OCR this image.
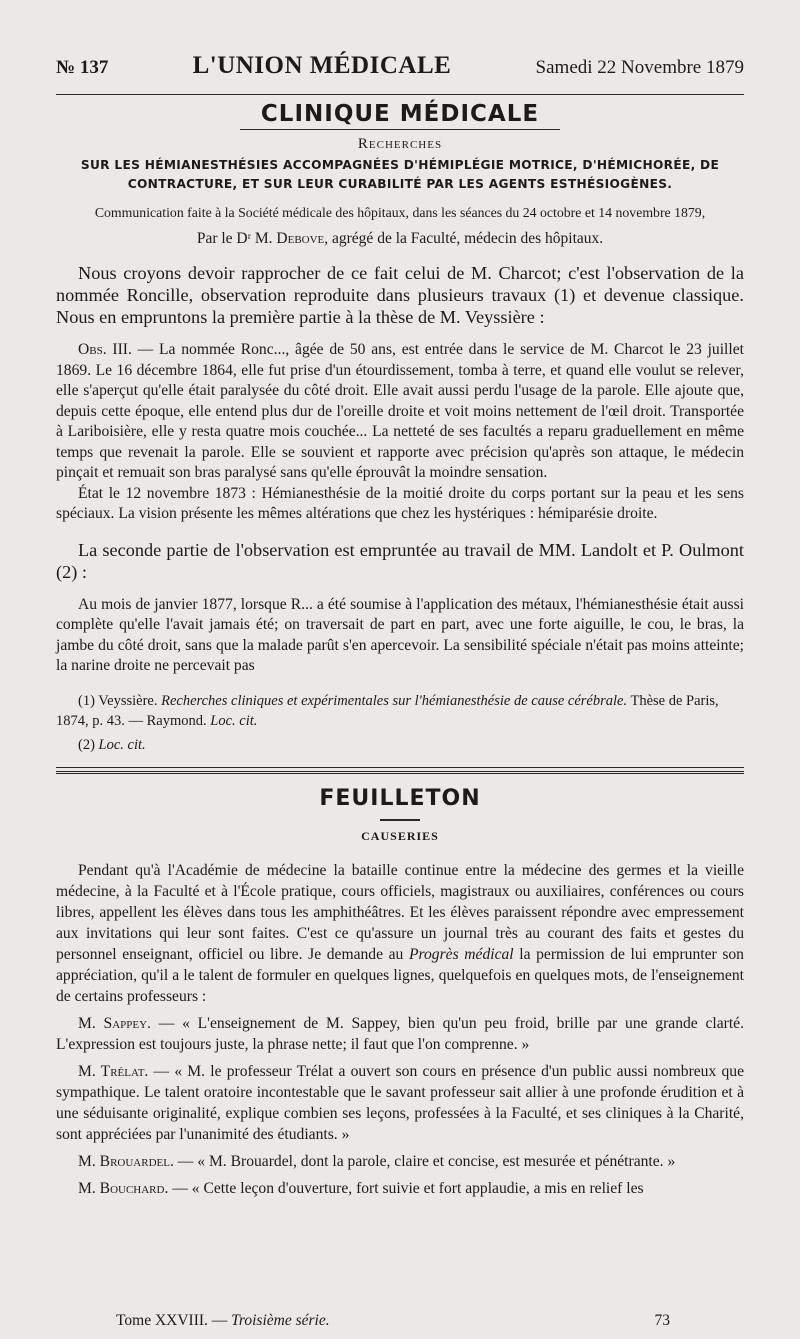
№ 137	L'UNION MÉDICALE	Samedi 22 Novembre 1879
CLINIQUE MÉDICALE
Recherches
SUR LES HÉMIANESTHÉSIES ACCOMPAGNÉES D'HÉMIPLÉGIE MOTRICE, D'HÉMICHORÉE, DE
CONTRACTURE, ET SUR LEUR CURABILITÉ PAR LES AGENTS ESTHÉSIOGÈNES.
Communication faite à la Société médicale des hôpitaux, dans les séances du 24 octobre et 14 novembre 1879,
Par le Dʳ M. Debove, agrégé de la Faculté, médecin des hôpitaux.

Nous croyons devoir rapprocher de ce fait celui de M. Charcot; c'est l'observation de la nommée Roncille, observation reproduite dans plusieurs travaux (1) et devenue classique. Nous en empruntons la première partie à la thèse de M. Veyssière :

Obs. III. — La nommée Ronc..., âgée de 50 ans, est entrée dans le service de M. Charcot le 23 juillet 1869. Le 16 décembre 1864, elle fut prise d'un étourdissement, tomba à terre, et quand elle voulut se relever, elle s'aperçut qu'elle était paralysée du côté droit. Elle avait aussi perdu l'usage de la parole. Elle ajoute que, depuis cette époque, elle entend plus dur de l'oreille droite et voit moins nettement de l'œil droit. Transportée à Lariboisière, elle y resta quatre mois couchée... La netteté de ses facultés a reparu graduellement en même temps que revenait la parole. Elle se souvient et rapporte avec précision qu'après son attaque, le médecin pinçait et remuait son bras paralysé sans qu'elle éprouvât la moindre sensation.

État le 12 novembre 1873 : Hémianesthésie de la moitié droite du corps portant sur la peau et les sens spéciaux. La vision présente les mêmes altérations que chez les hystériques : hémiparésie droite.

La seconde partie de l'observation est empruntée au travail de MM. Landolt et P. Oulmont (2) :

Au mois de janvier 1877, lorsque R... a été soumise à l'application des métaux, l'hémianesthésie était aussi complète qu'elle l'avait jamais été; on traversait de part en part, avec une forte aiguille, le cou, le bras, la jambe du côté droit, sans que la malade parût s'en apercevoir. La sensibilité spéciale n'était pas moins atteinte; la narine droite ne percevait pas

(1) Veyssière. Recherches cliniques et expérimentales sur l'hémianesthésie de cause cérébrale. Thèse de Paris, 1874, p. 43. — Raymond. Loc. cit.

(2) Loc. cit.

FEUILLETON
CAUSERIES

Pendant qu'à l'Académie de médecine la bataille continue entre la médecine des germes et la vieille médecine, à la Faculté et à l'École pratique, cours officiels, magistraux ou auxiliaires, conférences ou cours libres, appellent les élèves dans tous les amphithéâtres. Et les élèves paraissent répondre avec empressement aux invitations qui leur sont faites. C'est ce qu'assure un journal très au courant des faits et gestes du personnel enseignant, officiel ou libre. Je demande au Progrès médical la permission de lui emprunter son appréciation, qu'il a le talent de formuler en quelques lignes, quelquefois en quelques mots, de l'enseignement de certains professeurs :

M. Sappey. — « L'enseignement de M. Sappey, bien qu'un peu froid, brille par une grande clarté. L'expression est toujours juste, la phrase nette; il faut que l'on comprenne. »

M. Trélat. — « M. le professeur Trélat a ouvert son cours en présence d'un public aussi nombreux que sympathique. Le talent oratoire incontestable que le savant professeur sait allier à une profonde érudition et à une séduisante originalité, explique combien ses leçons, professées à la Faculté, et ses cliniques à la Charité, sont appréciées par l'unanimité des étudiants. »

M. Brouardel. — « M. Brouardel, dont la parole, claire et concise, est mesurée et pénétrante. »

M. Bouchard. — « Cette leçon d'ouverture, fort suivie et fort applaudie, a mis en relief les

Tome XXVIII. — Troisième série.	73
